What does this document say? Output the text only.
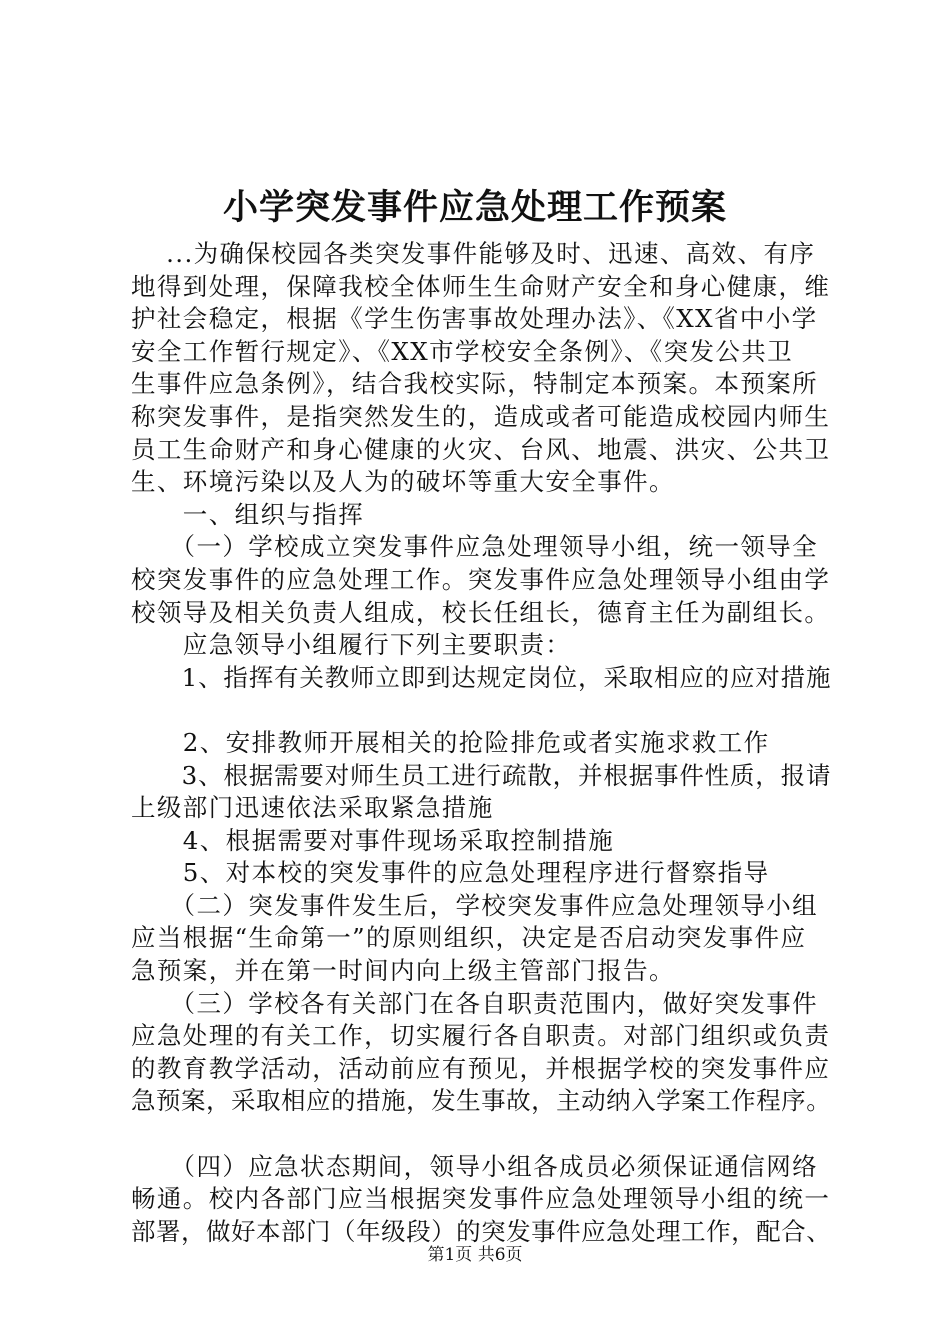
小学突发事件应急处理工作预案

　 ...为确保校园各类突发事件能够及时、迅速、高效、有序

地得到处理，保障我校全体师生生命财产安全和身心健康，维

护社会稳定，根据《学生伤害事故处理办法》、《XX省中小学

安全工作暂行规定》、《XX市学校安全条例》、《突发公共卫

生事件应急条例》，结合我校实际，特制定本预案。本预案所

称突发事件，是指突然发生的，造成或者可能造成校园内师生

员工生命财产和身心健康的火灾、台风、地震、洪灾、公共卫

生、环境污染以及人为的破坏等重大安全事件。

　　一、组织与指挥

　　（一）学校成立突发事件应急处理领导小组，统一领导全

校突发事件的应急处理工作。突发事件应急处理领导小组由学

校领导及相关负责人组成，校长任组长，德育主任为副组长。

　　应急领导小组履行下列主要职责：

　　1、指挥有关教师立即到达规定岗位，采取相应的应对措施

　　2、安排教师开展相关的抢险排危或者实施求救工作

　　3、根据需要对师生员工进行疏散，并根据事件性质，报请

上级部门迅速依法采取紧急措施

　　4、根据需要对事件现场采取控制措施

　　5、对本校的突发事件的应急处理程序进行督察指导

　　（二）突发事件发生后，学校突发事件应急处理领导小组

应当根据“生命第一”的原则组织，决定是否启动突发事件应

急预案，并在第一时间内向上级主管部门报告。

　　（三）学校各有关部门在各自职责范围内，做好突发事件

应急处理的有关工作，切实履行各自职责。对部门组织或负责

的教育教学活动，活动前应有预见，并根据学校的突发事件应

急预案，采取相应的措施，发生事故，主动纳入学案工作程序。

　　（四）应急状态期间，领导小组各成员必须保证通信网络

畅通。校内各部门应当根据突发事件应急处理领导小组的统一

部署，做好本部门（年级段）的突发事件应急处理工作，配合、

第1页 共6页
